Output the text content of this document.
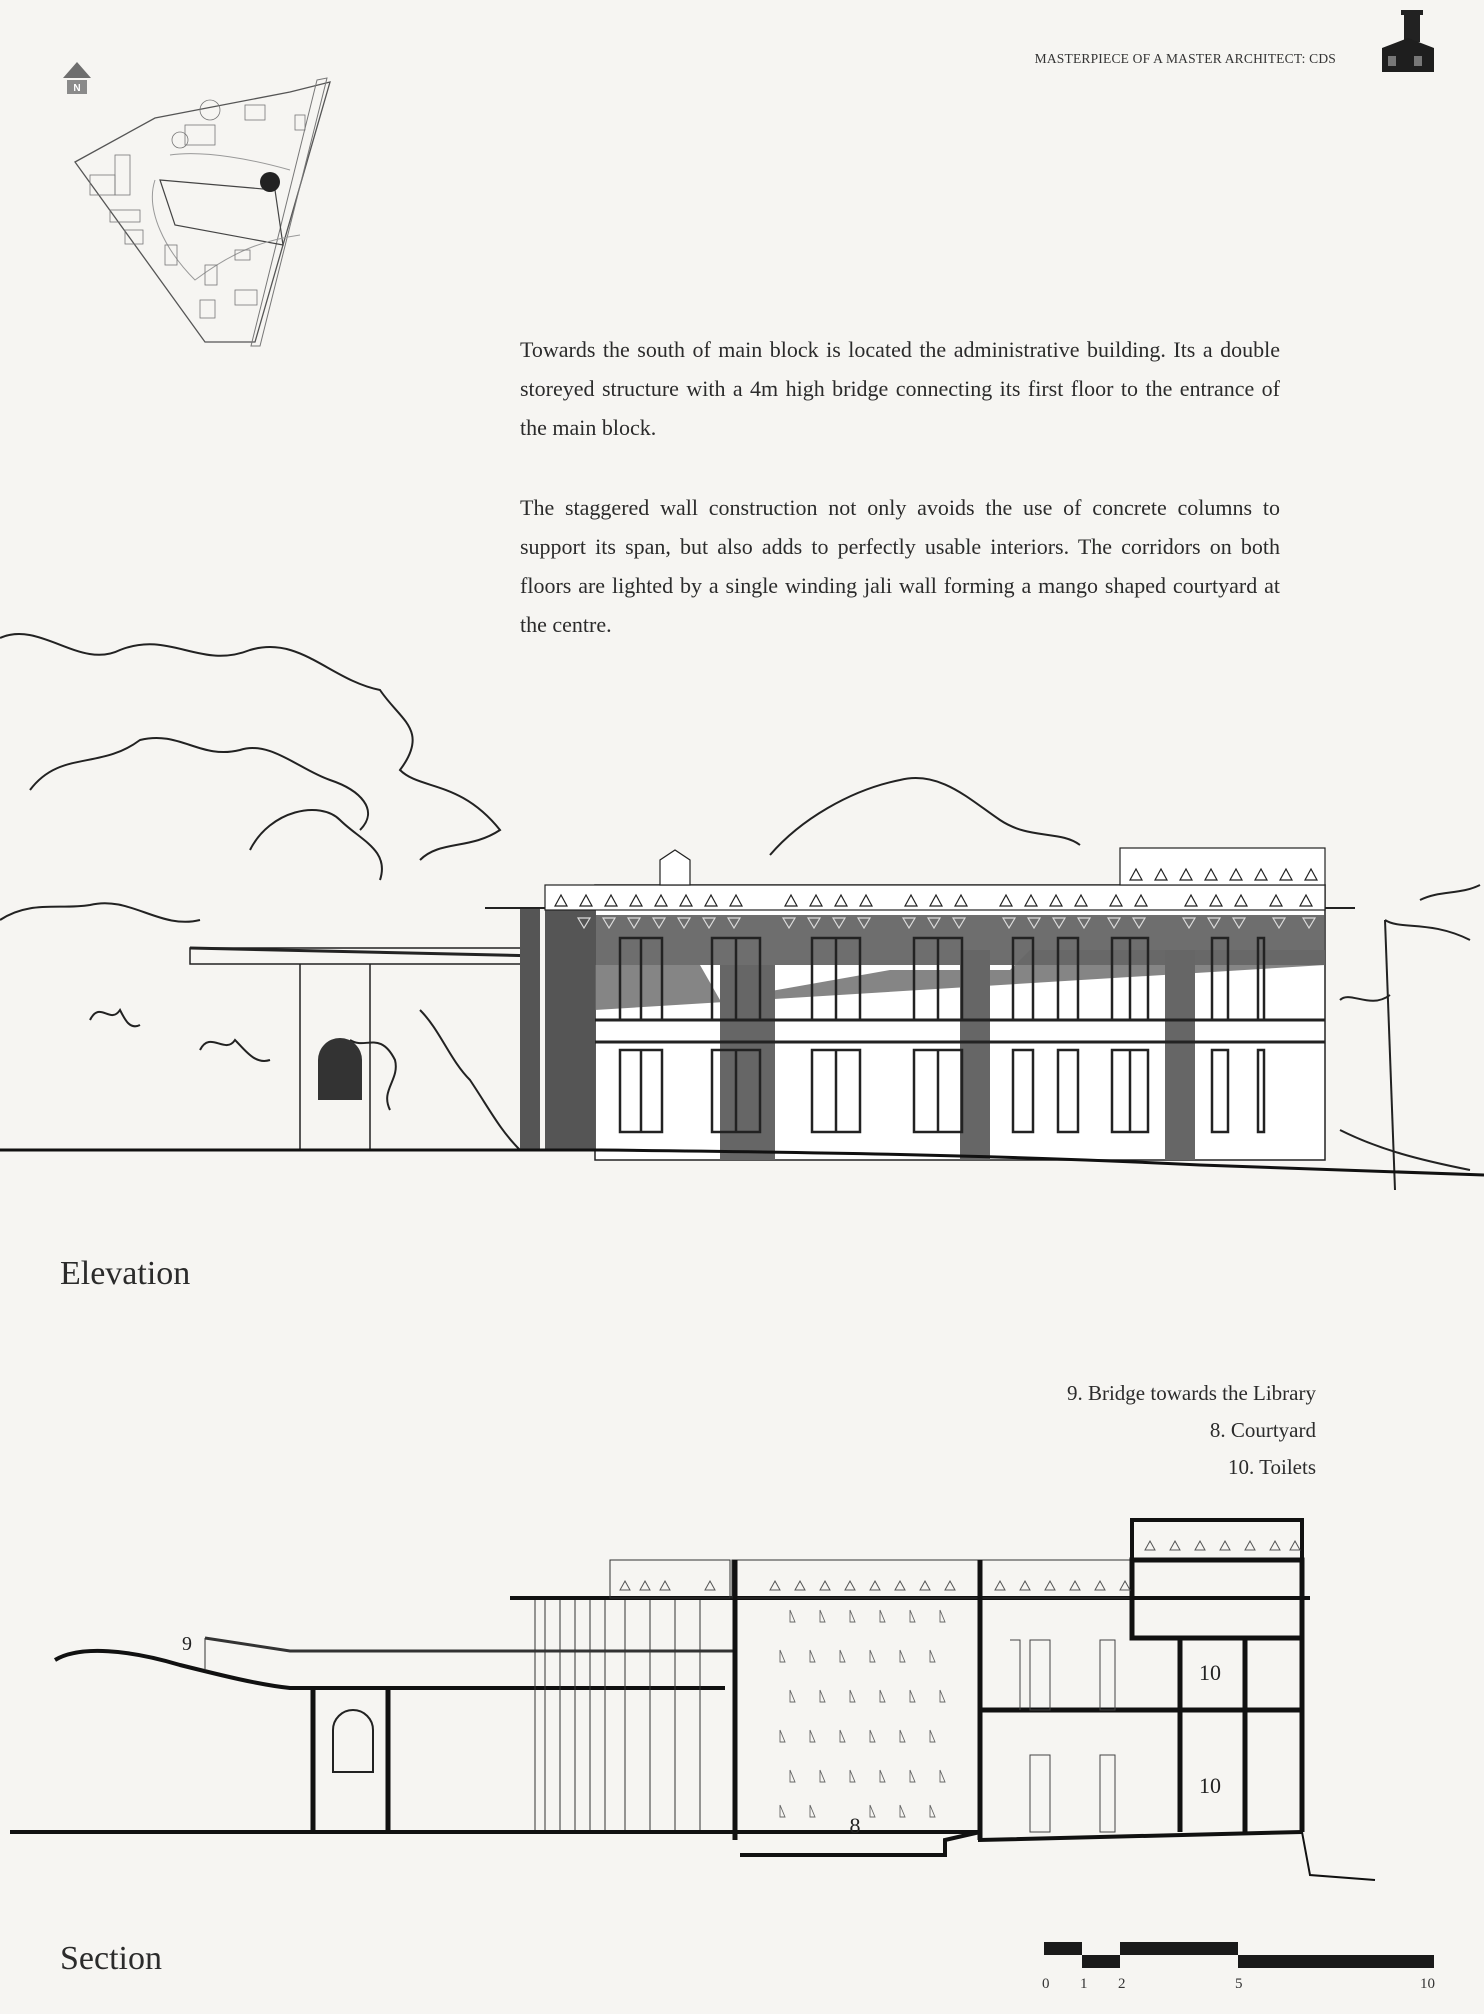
MASTERPIECE OF A MASTER ARCHITECT: CDS
N

Towards the south of main block is located the administrative building. Its a double storeyed structure with a 4m high bridge connecting its first floor to the entrance of the main block.

The staggered wall construction not only avoids the use of concrete columns to support its span, but also adds to perfectly usable interiors. The corridors on both floors are lighted by a single winding jali wall forming a mango shaped courtyard at the centre.

Elevation
9. Bridge towards the Library
8. Courtyard
10. Toilets
9
8
10
10
Section
0 1 2	5	10
